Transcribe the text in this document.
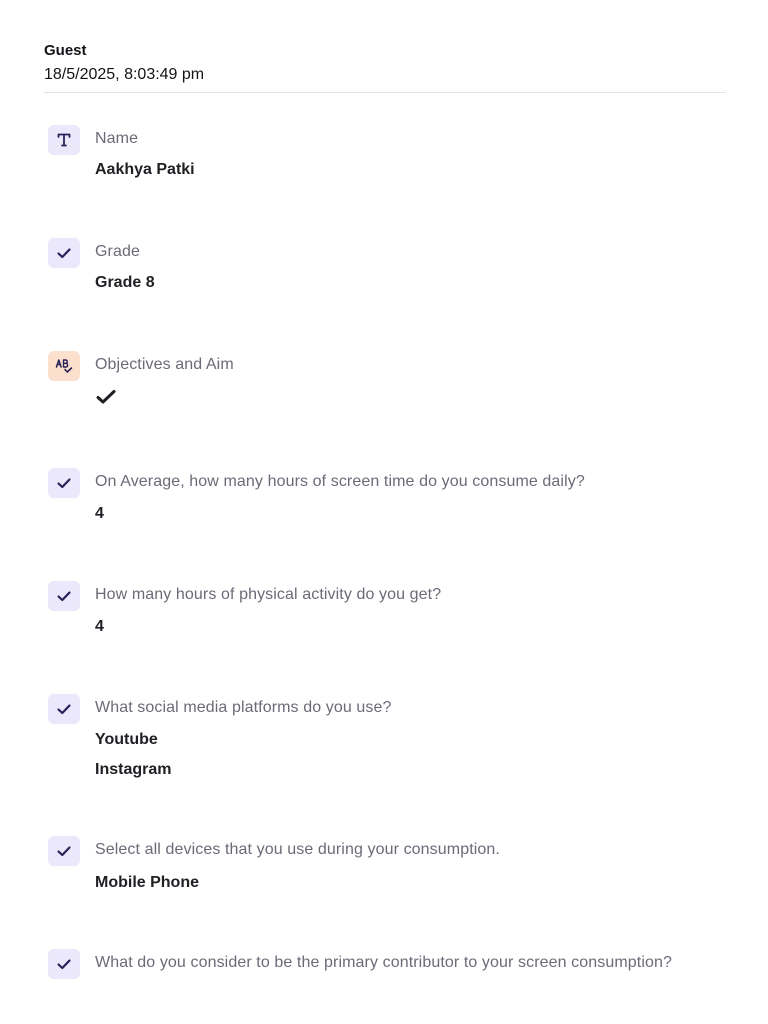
Guest
18/5/2025, 8:03:49 pm
Name
Aakhya Patki
Grade
Grade 8
Objectives and Aim
On Average, how many hours of screen time do you consume daily?
4
How many hours of physical activity do you get?
4
What social media platforms do you use?
Youtube
Instagram
Select all devices that you use during your consumption.
Mobile Phone
What do you consider to be the primary contributor to your screen consumption?
